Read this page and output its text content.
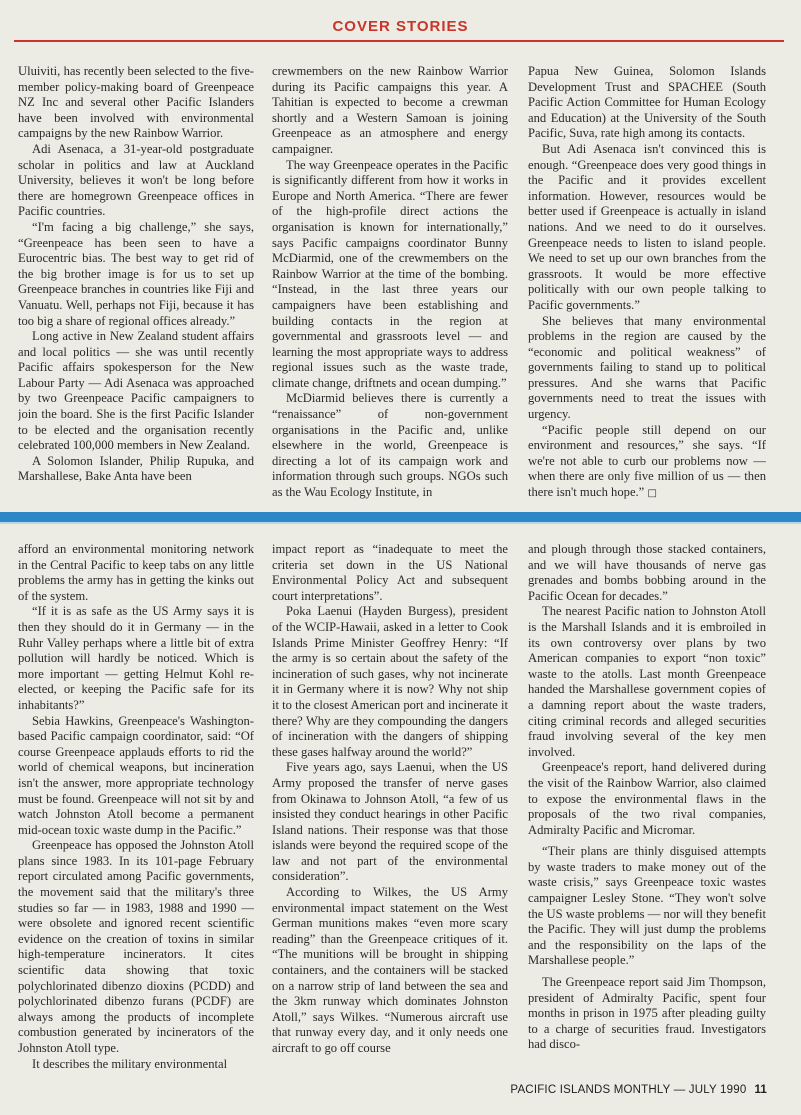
COVER STORIES

Uluiviti, has recently been selected to the five-member policy-making board of Greenpeace NZ Inc and several other Pacific Islanders have been involved with environmental campaigns by the new Rainbow Warrior.

Adi Asenaca, a 31-year-old postgraduate scholar in politics and law at Auckland University, believes it won't be long before there are homegrown Greenpeace offices in Pacific countries.

“I'm facing a big challenge,” she says, “Greenpeace has been seen to have a Eurocentric bias. The best way to get rid of the big brother image is for us to set up Greenpeace branches in countries like Fiji and Vanuatu. Well, perhaps not Fiji, because it has too big a share of regional offices already.”

Long active in New Zealand student affairs and local politics — she was until recently Pacific affairs spokesperson for the New Labour Party — Adi Asenaca was approached by two Greenpeace Pacific campaigners to join the board. She is the first Pacific Islander to be elected and the organisation recently celebrated 100,000 members in New Zealand.

A Solomon Islander, Philip Rupuka, and Marshallese, Bake Anta have been

crewmembers on the new Rainbow Warrior during its Pacific campaigns this year. A Tahitian is expected to become a crewman shortly and a Western Samoan is joining Greenpeace as an atmosphere and energy campaigner.

The way Greenpeace operates in the Pacific is significantly different from how it works in Europe and North America. “There are fewer of the high-profile direct actions the organisation is known for internationally,” says Pacific campaigns coordinator Bunny McDiarmid, one of the crewmembers on the Rainbow Warrior at the time of the bombing. “Instead, in the last three years our campaigners have been establishing and building contacts in the region at governmental and grassroots level — and learning the most appropriate ways to address regional issues such as the waste trade, climate change, driftnets and ocean dumping.”

McDiarmid believes there is currently a “renaissance” of non-government organisations in the Pacific and, unlike elsewhere in the world, Greenpeace is directing a lot of its campaign work and information through such groups. NGOs such as the Wau Ecology Institute, in

Papua New Guinea, Solomon Islands Development Trust and SPACHEE (South Pacific Action Committee for Human Ecology and Education) at the University of the South Pacific, Suva, rate high among its contacts.

But Adi Asenaca isn't convinced this is enough. “Greenpeace does very good things in the Pacific and it provides excellent information. However, resources would be better used if Greenpeace is actually in island nations. And we need to do it ourselves. Greenpeace needs to listen to island people. We need to set up our own branches from the grassroots. It would be more effective politically with our own people talking to Pacific governments.”

She believes that many environmental problems in the region are caused by the “economic and political weakness” of governments failing to stand up to political pressures. And she warns that Pacific governments need to treat the issues with urgency.

“Pacific people still depend on our environment and resources,” she says. “If we're not able to curb our problems now — when there are only five million of us — then there isn't much hope.” □

afford an environmental monitoring network in the Central Pacific to keep tabs on any little problems the army has in getting the kinks out of the system.

“If it is as safe as the US Army says it is then they should do it in Germany — in the Ruhr Valley perhaps where a little bit of extra pollution will hardly be noticed. Which is more important — getting Helmut Kohl re-elected, or keeping the Pacific safe for its inhabitants?”

Sebia Hawkins, Greenpeace's Washington-based Pacific campaign coordinator, said: “Of course Greenpeace applauds efforts to rid the world of chemical weapons, but incineration isn't the answer, more appropriate technology must be found. Greenpeace will not sit by and watch Johnston Atoll become a permanent mid-ocean toxic waste dump in the Pacific.”

Greenpeace has opposed the Johnston Atoll plans since 1983. In its 101-page February report circulated among Pacific governments, the movement said that the military's three studies so far — in 1983, 1988 and 1990 — were obsolete and ignored recent scientific evidence on the creation of toxins in similar high-temperature incinerators. It cites scientific data showing that toxic polychlorinated dibenzo dioxins (PCDD) and polychlorinated dibenzo furans (PCDF) are always among the products of incomplete combustion generated by incinerators of the Johnston Atoll type.

It describes the military environmental

impact report as “inadequate to meet the criteria set down in the US National Environmental Policy Act and subsequent court interpretations”.

Poka Laenui (Hayden Burgess), president of the WCIP-Hawaii, asked in a letter to Cook Islands Prime Minister Geoffrey Henry: “If the army is so certain about the safety of the incineration of such gases, why not incinerate it in Germany where it is now? Why not ship it to the closest American port and incinerate it there? Why are they compounding the dangers of incineration with the dangers of shipping these gases halfway around the world?”

Five years ago, says Laenui, when the US Army proposed the transfer of nerve gases from Okinawa to Johnson Atoll, “a few of us insisted they conduct hearings in other Pacific Island nations. Their response was that those islands were beyond the required scope of the law and not part of the environmental consideration”.

According to Wilkes, the US Army environmental impact statement on the West German munitions makes “even more scary reading” than the Greenpeace critiques of it. “The munitions will be brought in shipping containers, and the containers will be stacked on a narrow strip of land between the sea and the 3km runway which dominates Johnston Atoll,” says Wilkes. “Numerous aircraft use that runway every day, and it only needs one aircraft to go off course

and plough through those stacked containers, and we will have thousands of nerve gas grenades and bombs bobbing around in the Pacific Ocean for decades.”

The nearest Pacific nation to Johnston Atoll is the Marshall Islands and it is embroiled in its own controversy over plans by two American companies to export “non toxic” waste to the atolls. Last month Greenpeace handed the Marshallese government copies of a damning report about the waste traders, citing criminal records and alleged securities fraud involving several of the key men involved.

Greenpeace's report, hand delivered during the visit of the Rainbow Warrior, also claimed to expose the environmental flaws in the proposals of the two rival companies, Admiralty Pacific and Micromar.

“Their plans are thinly disguised attempts by waste traders to make money out of the waste crisis,” says Greenpeace toxic wastes campaigner Lesley Stone. “They won't solve the US waste problems — nor will they benefit the Pacific. They will just dump the problems and the responsibility on the laps of the Marshallese people.”

The Greenpeace report said Jim Thompson, president of Admiralty Pacific, spent four months in prison in 1975 after pleading guilty to a charge of securities fraud. Investigators had disco-

PACIFIC ISLANDS MONTHLY — JULY 1990 11
